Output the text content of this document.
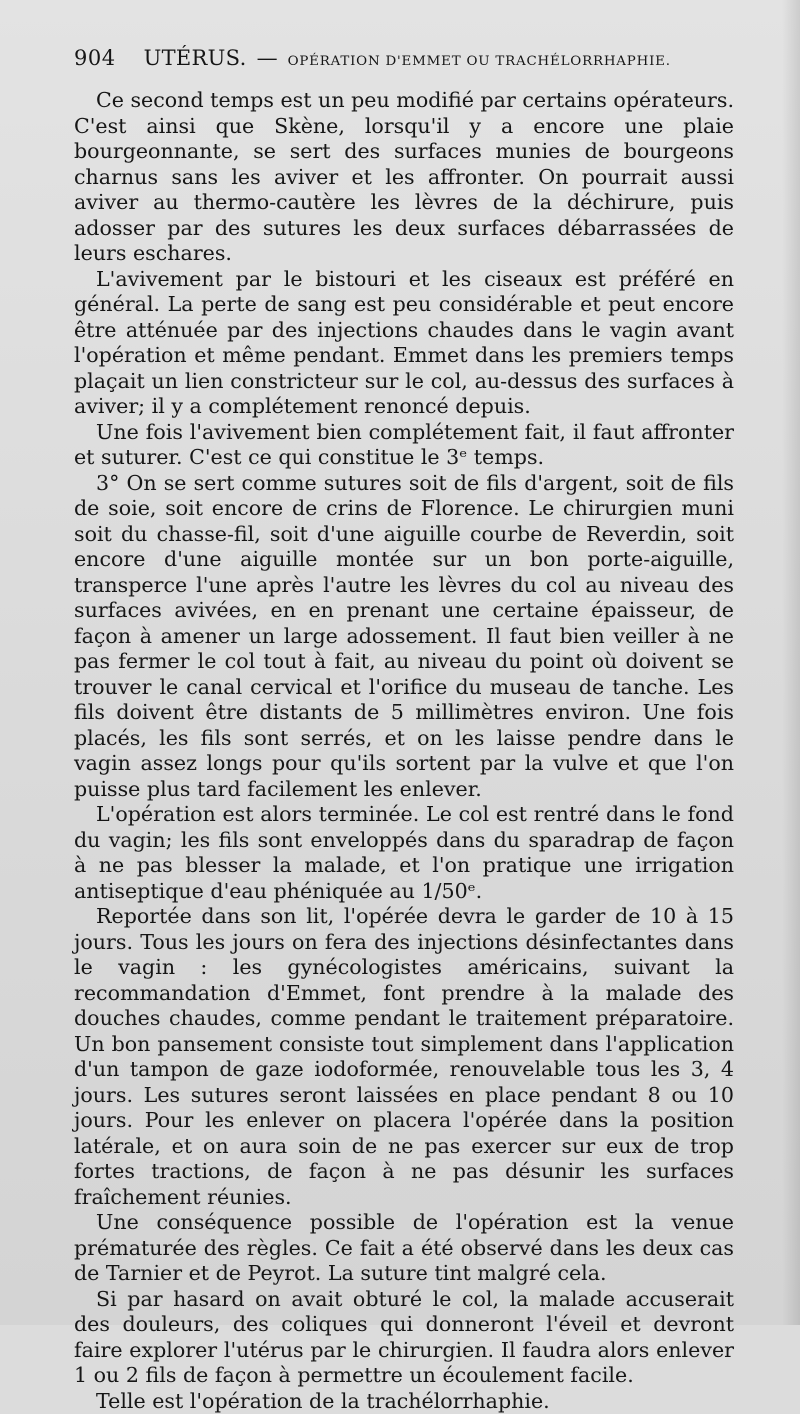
904 UTÉRUS. — OPÉRATION D'EMMET OU TRACHÉLORRHAPHIE.

Ce second temps est un peu modifié par certains opérateurs. C'est ainsi que Skène, lorsqu'il y a encore une plaie bourgeonnante, se sert des surfaces munies de bourgeons charnus sans les aviver et les affronter. On pourrait aussi aviver au thermo-cautère les lèvres de la déchirure, puis adosser par des sutures les deux surfaces débarrassées de leurs eschares.

L'avivement par le bistouri et les ciseaux est préféré en général. La perte de sang est peu considérable et peut encore être atténuée par des injections chaudes dans le vagin avant l'opération et même pendant. Emmet dans les premiers temps plaçait un lien constricteur sur le col, au-dessus des surfaces à aviver; il y a complétement renoncé depuis.

Une fois l'avivement bien complétement fait, il faut affronter et suturer. C'est ce qui constitue le 3ᵉ temps.

3° On se sert comme sutures soit de fils d'argent, soit de fils de soie, soit encore de crins de Florence. Le chirurgien muni soit du chasse-fil, soit d'une aiguille courbe de Reverdin, soit encore d'une aiguille montée sur un bon porte-aiguille, transperce l'une après l'autre les lèvres du col au niveau des surfaces avivées, en en prenant une certaine épaisseur, de façon à amener un large adossement. Il faut bien veiller à ne pas fermer le col tout à fait, au niveau du point où doivent se trouver le canal cervical et l'orifice du museau de tanche. Les fils doivent être distants de 5 millimètres environ. Une fois placés, les fils sont serrés, et on les laisse pendre dans le vagin assez longs pour qu'ils sortent par la vulve et que l'on puisse plus tard facilement les enlever.

L'opération est alors terminée. Le col est rentré dans le fond du vagin; les fils sont enveloppés dans du sparadrap de façon à ne pas blesser la malade, et l'on pratique une irrigation antiseptique d'eau phéniquée au 1/50ᵉ.

Reportée dans son lit, l'opérée devra le garder de 10 à 15 jours. Tous les jours on fera des injections désinfectantes dans le vagin : les gynécologistes américains, suivant la recommandation d'Emmet, font prendre à la malade des douches chaudes, comme pendant le traitement préparatoire. Un bon pansement consiste tout simplement dans l'application d'un tampon de gaze iodoformée, renouvelable tous les 3, 4 jours. Les sutures seront laissées en place pendant 8 ou 10 jours. Pour les enlever on placera l'opérée dans la position latérale, et on aura soin de ne pas exercer sur eux de trop fortes tractions, de façon à ne pas désunir les surfaces fraîchement réunies.

Une conséquence possible de l'opération est la venue prématurée des règles. Ce fait a été observé dans les deux cas de Tarnier et de Peyrot. La suture tint malgré cela.

Si par hasard on avait obturé le col, la malade accuserait des douleurs, des coliques qui donneront l'éveil et devront faire explorer l'utérus par le chirurgien. Il faudra alors enlever 1 ou 2 fils de façon à permettre un écoulement facile.

Telle est l'opération de la trachélorrhaphie.
